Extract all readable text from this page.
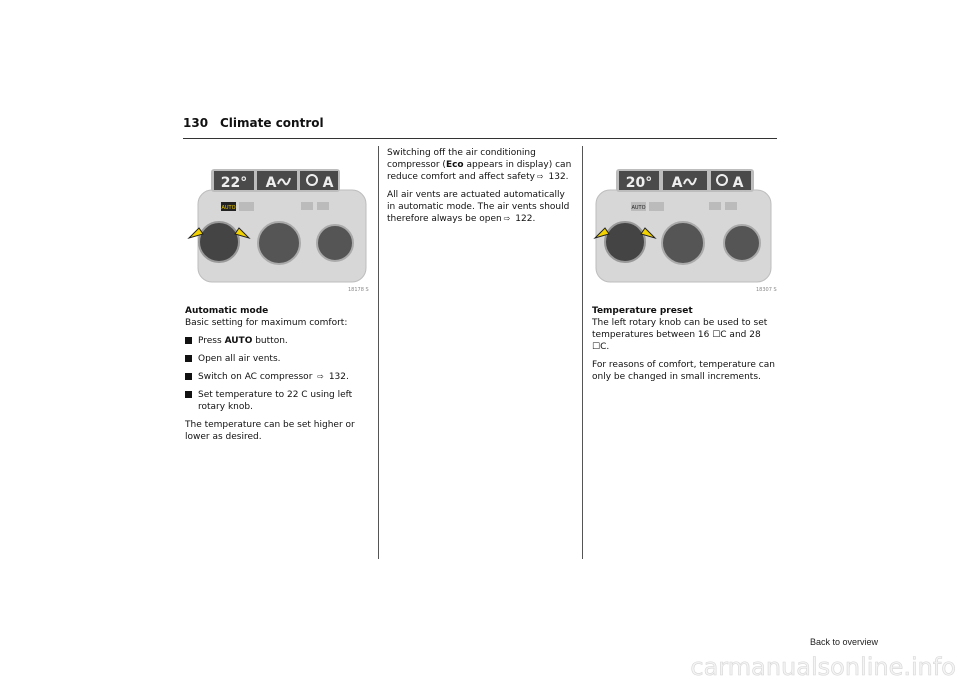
130 Climate control
22° A	A
AUTO
18178 S
Automatic mode

Basic setting for maximum comfort:

Press AUTO button.
Open all air vents.
Switch on AC compressor ⇨ 132.
Set temperature to 22 C using left rotary knob.

The temperature can be set higher or lower as desired.

Switching off the air conditioning compressor (Eco appears in display) can reduce comfort and affect safety ⇨ 132.

All air vents are actuated automatically in automatic mode. The air vents should therefore always be open ⇨ 122.

20° A	A
AUTO
18307 S
Temperature preset

The left rotary knob can be used to set temperatures between 16 ☐C and 28 ☐C.

For reasons of comfort, temperature can only be changed in small increments.

Back to overview
carmanualsonline.info
